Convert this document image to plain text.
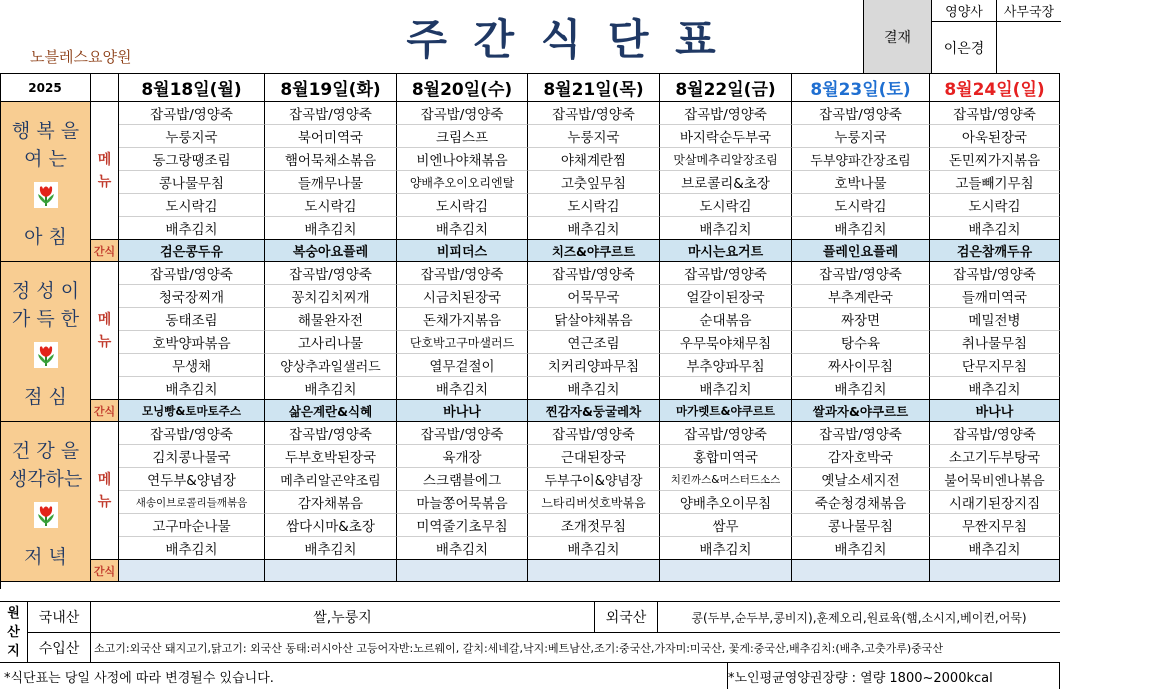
주 간 식 단 표
노블레스요양원
결재
영양사	사무국장
이은경
2025	8월18일(월)	8월19일(화)	8월20일(수)	8월21일(목)	8월22일(금)	8월23일(토)	8월24일(일)
행 복 을
여 는
아 침
메뉴
잡곡밥/영양죽	잡곡밥/영양죽	잡곡밥/영양죽	잡곡밥/영양죽	잡곡밥/영양죽	잡곡밥/영양죽	잡곡밥/영양죽
누룽지국	북어미역국	크림스프	누룽지국	바지락순두부국	누룽지국	아욱된장국
동그랑땡조림	햄어묵채소볶음	비엔나야채볶음	야채계란찜	맛살메추리알장조림	두부양파간장조림	돈민찌가지볶음
콩나물무침	들깨무나물	양배추오이오리엔탈	고춧잎무침	브로콜리&초장	호박나물	고들빼기무침
도시락김	도시락김	도시락김	도시락김	도시락김	도시락김	도시락김
배추김치	배추김치	배추김치	배추김치	배추김치	배추김치	배추김치
간식	검은콩두유	복숭아요플레	비피더스	치즈&야쿠르트	마시는요거트	플레인요플레	검은참깨두유
정 성 이
가 득 한
점 심
메뉴
잡곡밥/영양죽	잡곡밥/영양죽	잡곡밥/영양죽	잡곡밥/영양죽	잡곡밥/영양죽	잡곡밥/영양죽	잡곡밥/영양죽
청국장찌개	꽁치김치찌개	시금치된장국	어묵무국	얼갈이된장국	부추계란국	들깨미역국
동태조림	해물완자전	돈채가지볶음	닭살야채볶음	순대볶음	짜장면	메밀전병
호박양파볶음	고사리나물	단호박고구마샐러드	연근조림	우무묵야채무침	탕수육	취나물무침
무생채	양상추과일샐러드	열무겉절이	치커리양파무침	부추양파무침	짜사이무침	단무지무침
배추김치	배추김치	배추김치	배추김치	배추김치	배추김치	배추김치
간식	모닝빵&토마토주스	삶은계란&식혜	바나나	찐감자&둥굴레차	마가렛트&야쿠르트	쌀과자&야쿠르트	바나나
건 강 을
생각하는
저 녁
메뉴
잡곡밥/영양죽	잡곡밥/영양죽	잡곡밥/영양죽	잡곡밥/영양죽	잡곡밥/영양죽	잡곡밥/영양죽	잡곡밥/영양죽
김치콩나물국	두부호박된장국	육개장	근대된장국	홍합미역국	감자호박국	소고기두부탕국
연두부&양념장	메추리알곤약조림	스크램블에그	두부구이&양념장	치킨까스&머스터드소스	옛날소세지전	불어묵비엔나볶음
새송이브로콜리들깨볶음	감자채볶음	마늘쫑어묵볶음	느타리버섯호박볶음	양배추오이무침	죽순청경채볶음	시래기된장지짐
고구마순나물	쌈다시마&초장	미역줄기초무침	조개젓무침	쌈무	콩나물무침	무짠지무침
배추김치	배추김치	배추김치	배추김치	배추김치	배추김치	배추김치
간식
원 산 지
국내산	쌀,누룽지	외국산	콩(두부,순두부,콩비지),훈제오리,원료육(햄,소시지,베이컨,어묵)
수입산	소고기:외국산 돼지고기,닭고기: 외국산 동태:러시아산 고등어자반:노르웨이, 갈치:세네갈,낙지:베트남산,조기:중국산,가자미:미국산, 꽃게:중국산,배추김치:(배추,고춧가루)중국산
*식단표는 당일 사정에 따라 변경될수 있습니다.	*노인평균영양권장량 : 열량 1800~2000kcal
